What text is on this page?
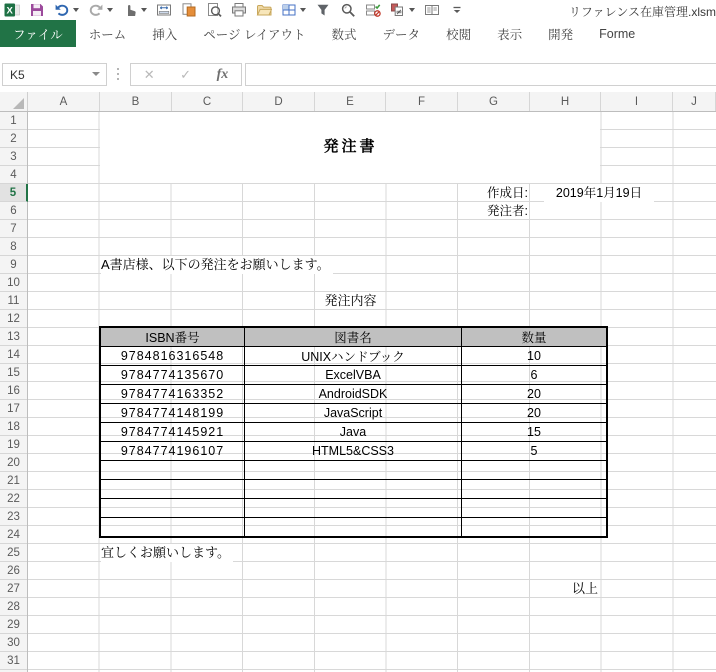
X	≠	リファレンス在庫管理.xlsm
ファイル	ホーム	挿入	ページ レイアウト	数式	データ	校閲	表示	開発	Forme
K5	✕ ✓ fx
A	B	C	D	E	F	G	H	I	J
1
2
3
4
5
6
7
8
9
10
11
12
13
14
15
16
17
18
19
20
21
22
23
24
25
26
27
28
29
30
31
発注書
作成日:	2019年1月19日
発注者:
A書店様、以下の発注をお願いします。
発注内容
ISBN番号	図書名	数量
9784816316548	UNIXハンドブック	10
9784774135670	ExcelVBA	6
9784774163352	AndroidSDK	20
9784774148199	JavaScript	20
9784774145921	Java	15
9784774196107	HTML5&CSS3	5

宜しくお願いします。
以上
